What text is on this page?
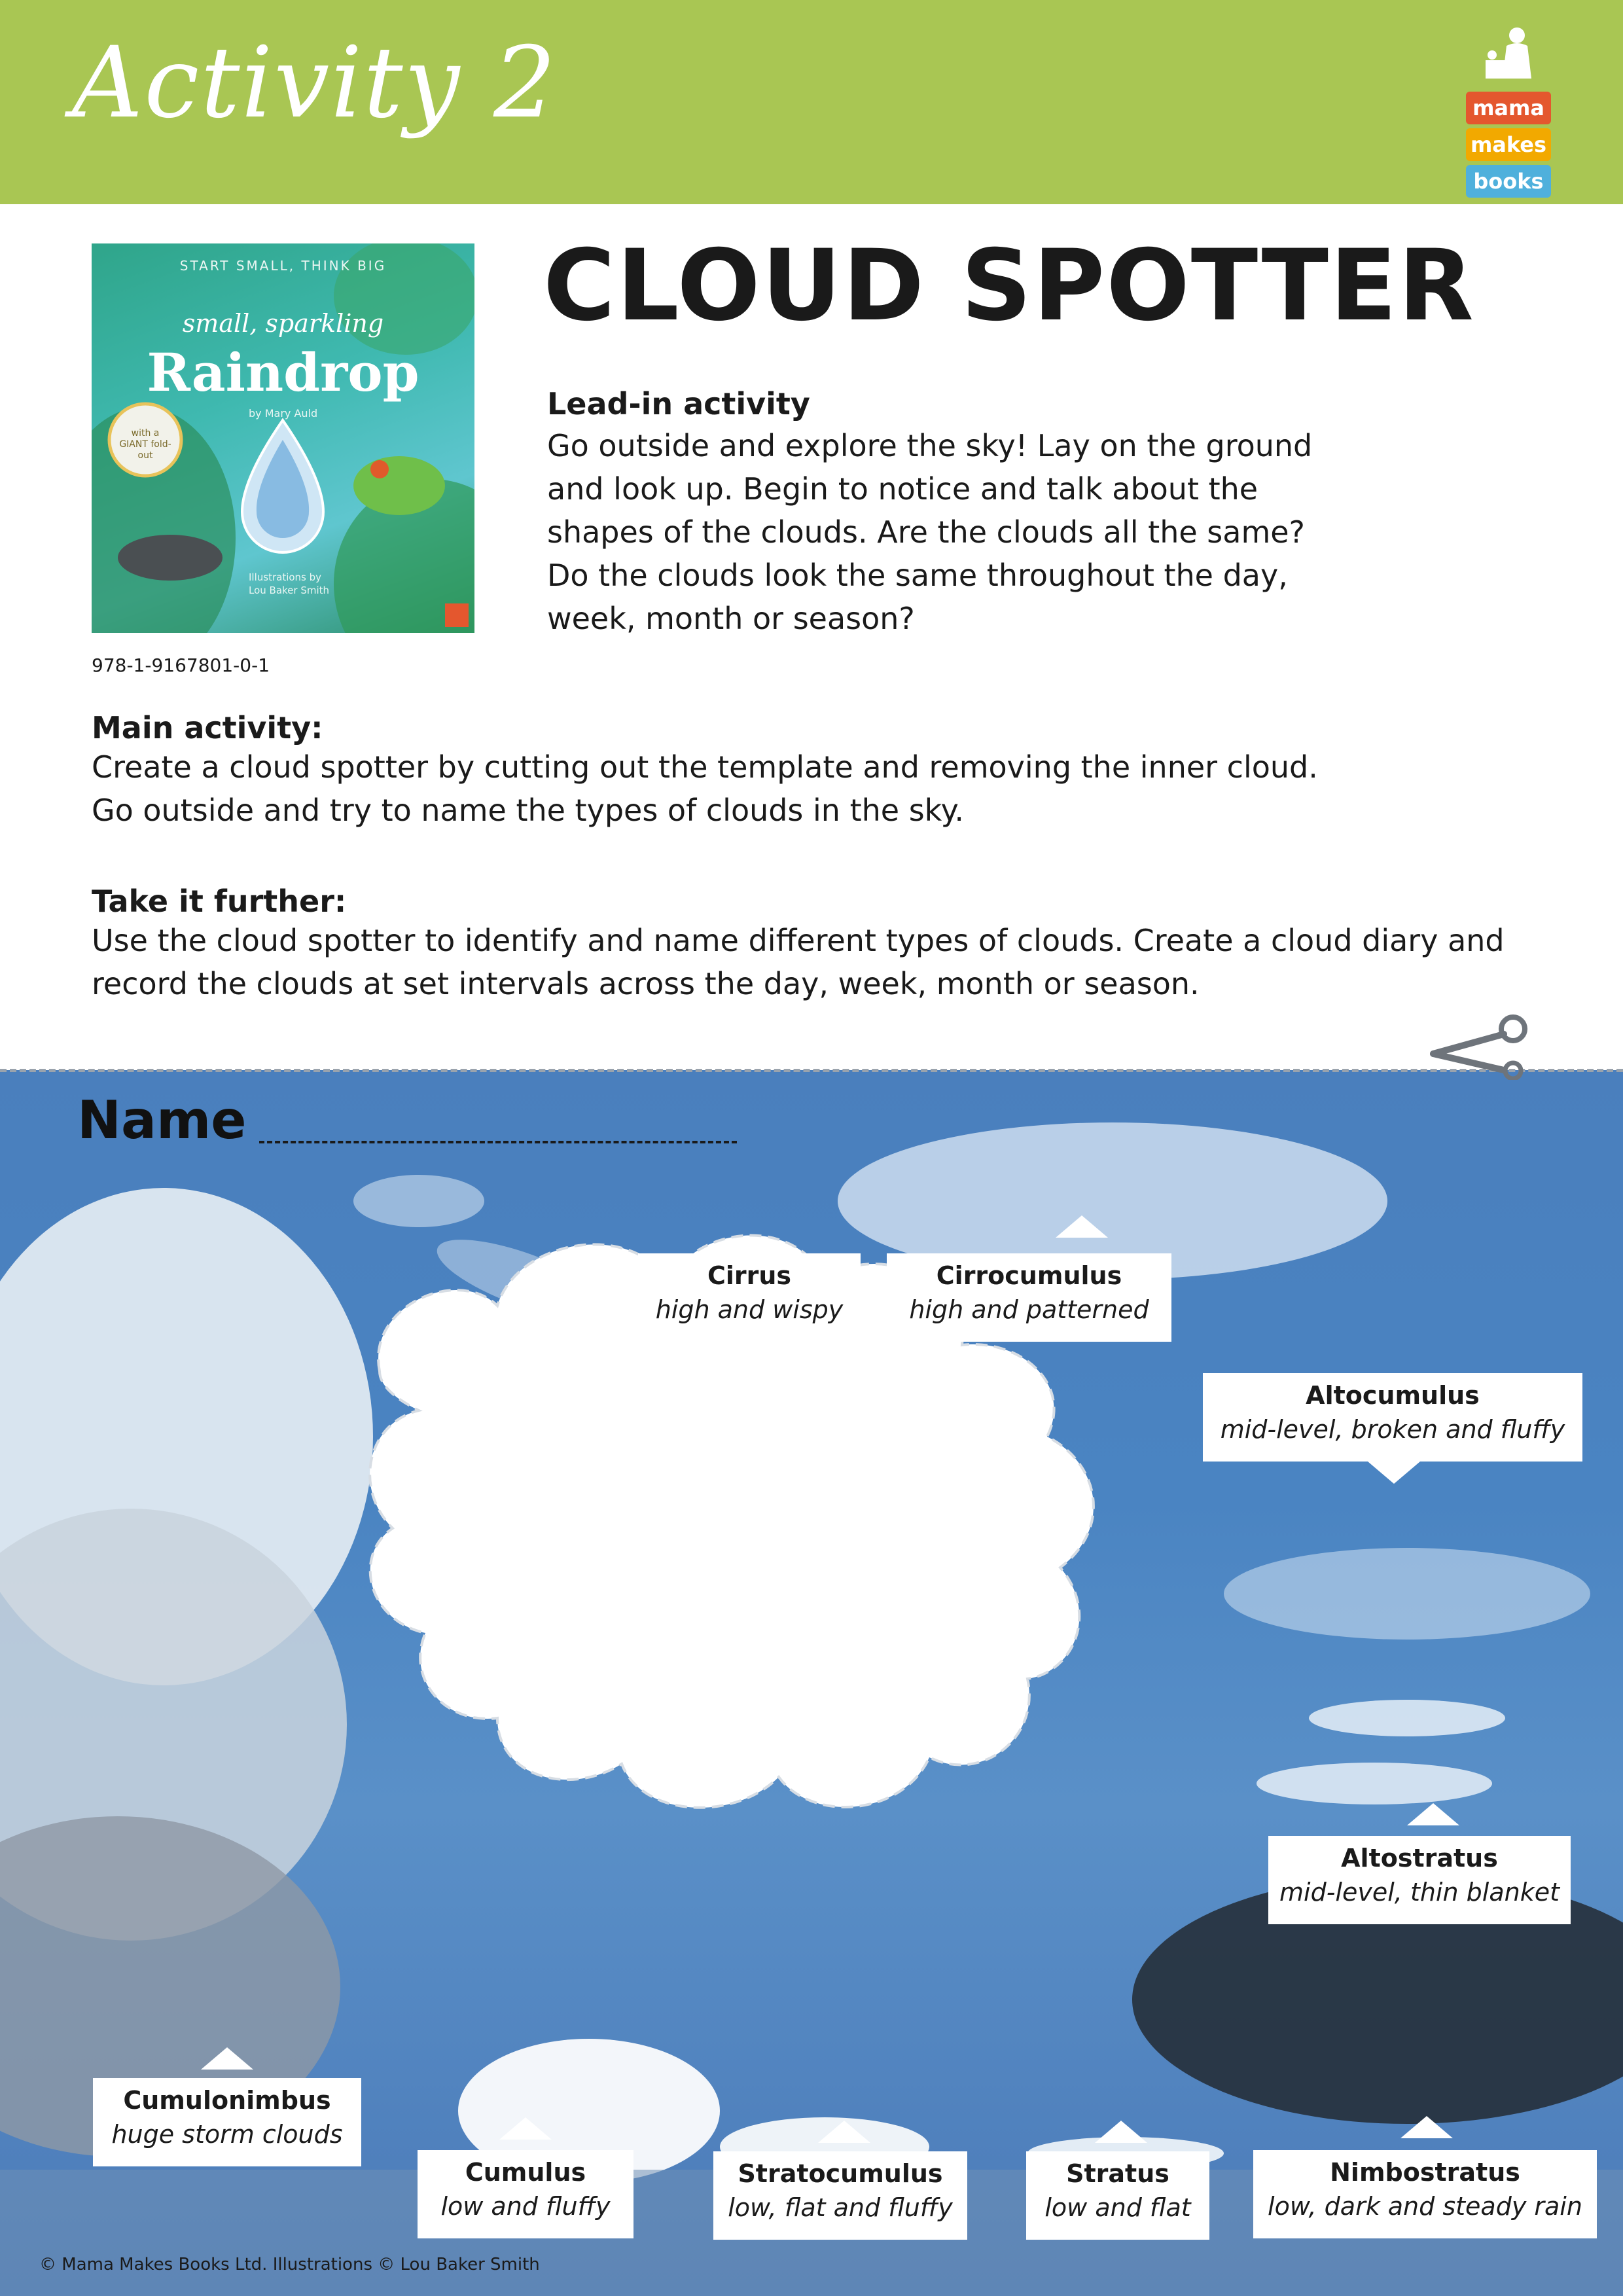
Activity 2	mama
makes
books
START SMALL, THINK BIG
small, sparkling
Raindrop
by Mary Auld
with a GIANT fold-out
Illustrations by
Lou Baker Smith
978-1-9167801-0-1
CLOUD SPOTTER
Lead-in activity

Go outside and explore the sky! Lay on the ground

and look up. Begin to notice and talk about the

shapes of the clouds. Are the clouds all the same?

Do the clouds look the same throughout the day,

week, month or season?

Main activity:

Create a cloud spotter by cutting out the template and removing the inner cloud.

Go outside and try to name the types of clouds in the sky.

Take it further:

Use the cloud spotter to identify and name different types of clouds. Create a cloud diary and

record the clouds at set intervals across the day, week, month or season.

Cirrus
high and wispy
Cirrocumulus
high and patterned
Altocumulus
mid-level, broken and fluffy
Altostratus
mid-level, thin blanket
Cumulonimbus
huge storm clouds
Cumulus
low and fluffy
Stratocumulus
low, flat and fluffy
Stratus
low and flat
Nimbostratus
low, dark and steady rain
Name
© Mama Makes Books Ltd. Illustrations © Lou Baker Smith
